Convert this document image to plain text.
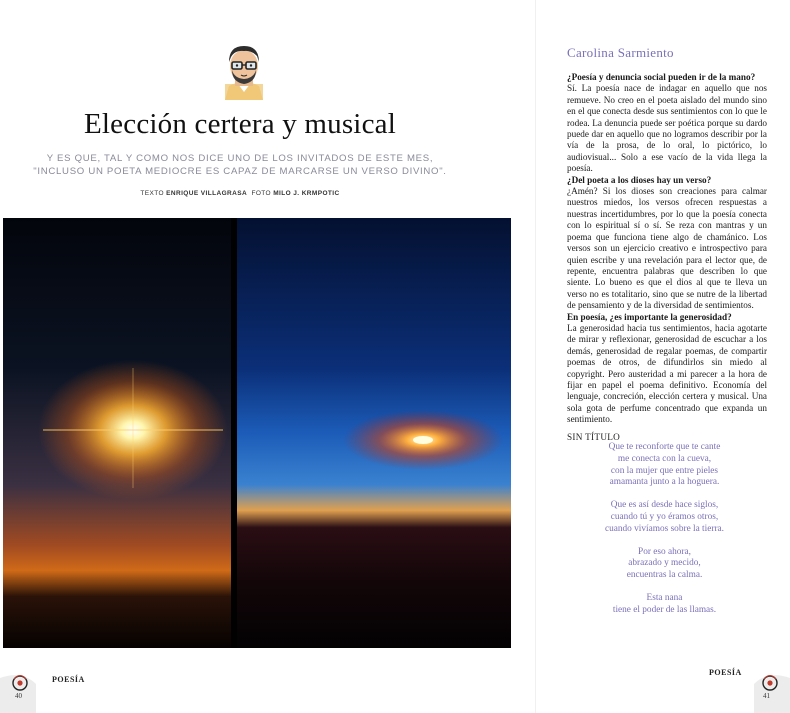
Elección certera y musical
Y ES QUE, TAL Y COMO NOS DICE UNO DE LOS INVITADOS DE ESTE MES,
"INCLUSO UN POETA MEDIOCRE ES CAPAZ DE MARCARSE UN VERSO DIVINO".
TEXTO ENRIQUE VILLAGRASA FOTO MILO J. KRMPOTIC
Carolina Sarmiento

¿Poesía y denuncia social pueden ir de la mano?

Sí. La poesía nace de indagar en aquello que nos remueve. No creo en el poeta aislado del mundo sino en el que conecta desde sus sentimientos con lo que le rodea. La denuncia puede ser poética porque su dardo puede dar en aquello que no logramos describir por la vía de la prosa, de lo oral, lo pictórico, lo audiovisual... Solo a ese vacío de la vida llega la poesía.

¿Del poeta a los dioses hay un verso?

¿Amén? Si los dioses son creaciones para calmar nuestros miedos, los versos ofrecen respuestas a nuestras incertidumbres, por lo que la poesía conecta con lo espiritual sí o sí. Se reza con mantras y un poema que funciona tiene algo de chamánico. Los versos son un ejercicio creativo e introspectivo para quien escribe y una revelación para el lector que, de repente, encuentra palabras que describen lo que siente. Lo bueno es que el dios al que te lleva un verso no es totalitario, sino que se nutre de la libertad de pensamiento y de la diversidad de sentimientos.

En poesía, ¿es importante la generosidad?

La generosidad hacia tus sentimientos, hacia agotarte de mirar y reflexionar, generosidad de escuchar a los demás, generosidad de regalar poemas, de compartir poemas de otros, de difundirlos sin miedo al copyright. Pero austeridad a mi parecer a la hora de fijar en papel el poema definitivo. Economía del lenguaje, concreción, elección certera y musical. Una sola gota de perfume concentrado que expanda un sentimiento.

SIN TÍTULO
Que te reconforte que te cante
me conecta con la cueva,
con la mujer que entre pieles
amamanta junto a la hoguera.
Que es así desde hace siglos,
cuando tú y yo éramos otros,
cuando vivíamos sobre la tierra.
Por eso ahora,
abrazado y mecido,
encuentras la calma.
Esta nana
tiene el poder de las llamas.
POESÍA
POESÍA
40	41
